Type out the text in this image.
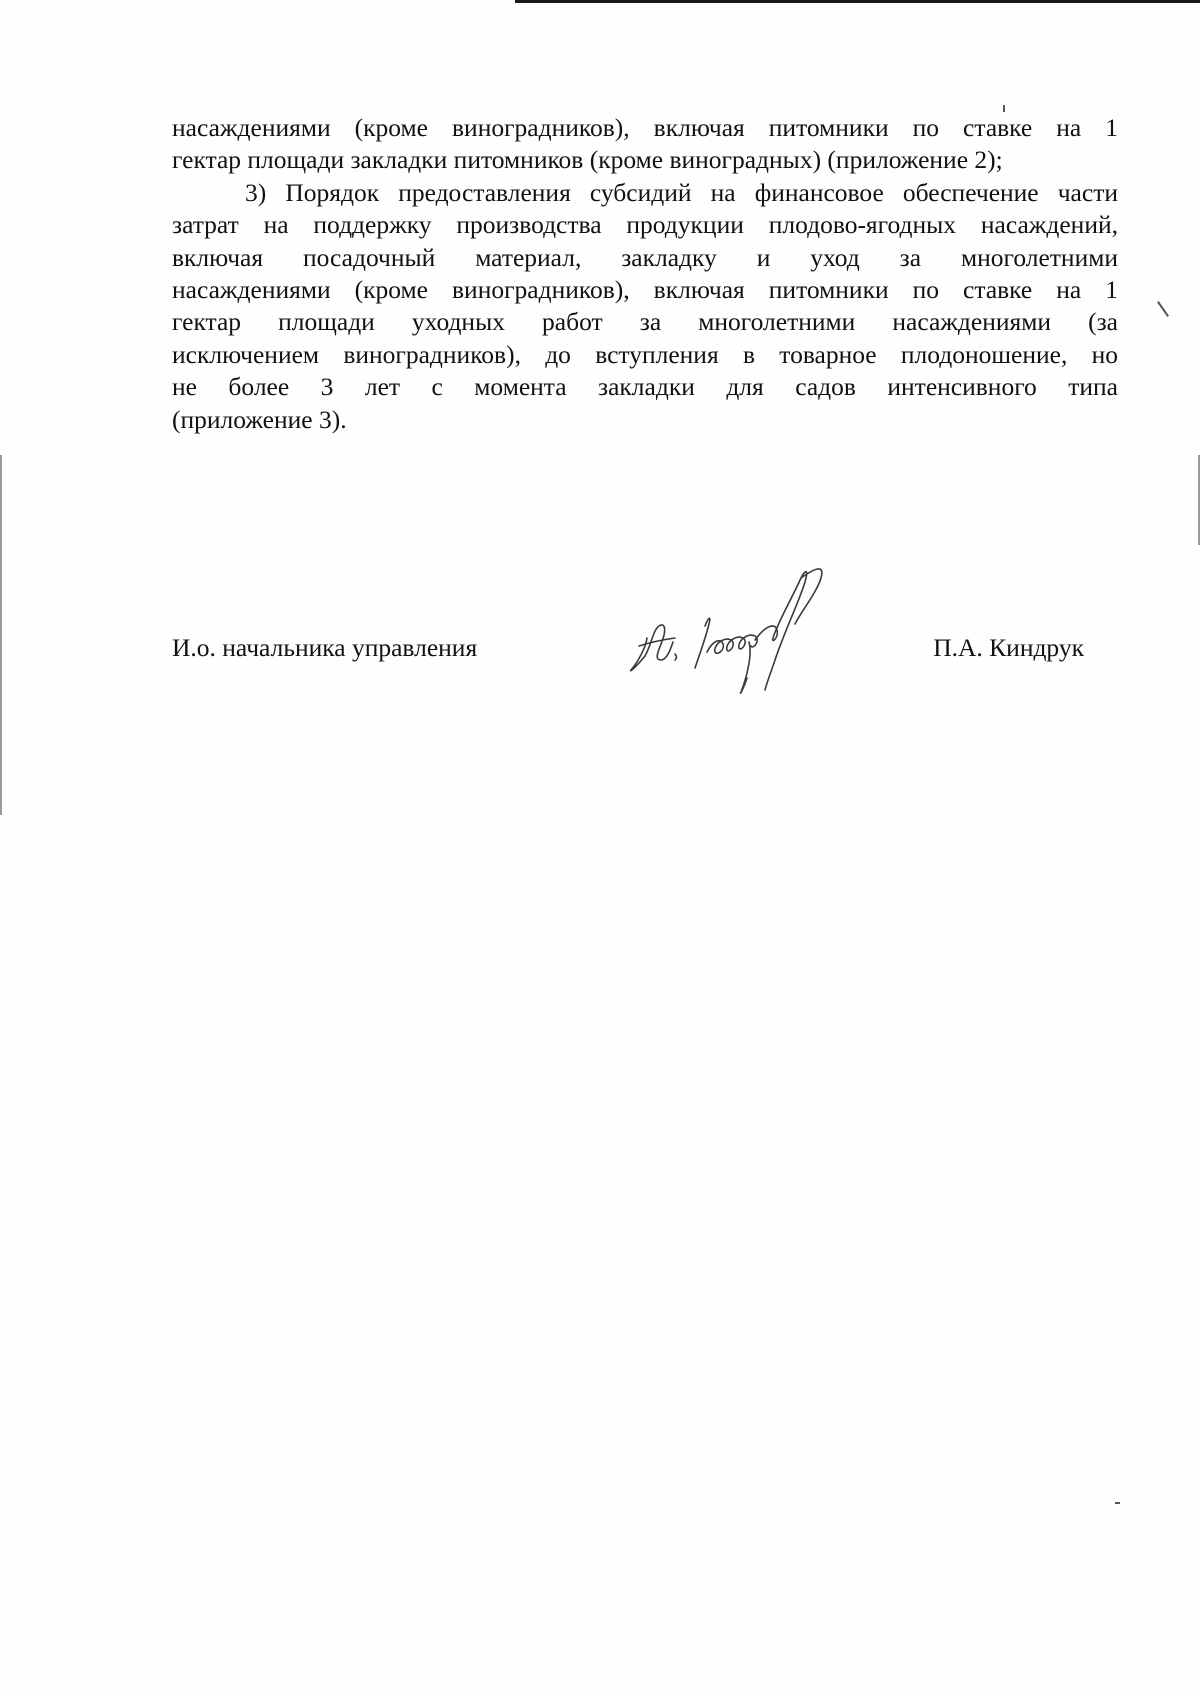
насаждениями (кроме виноградников), включая питомники по ставке на 1
гектар площади закладки питомников (кроме виноградных) (приложение 2);
3) Порядок предоставления субсидий на финансовое обеспечение части
затрат на поддержку производства продукции плодово-ягодных насаждений,
включая посадочный материал, закладку и уход за многолетними
насаждениями (кроме виноградников), включая питомники по ставке на 1
гектар площади уходных работ за многолетними насаждениями (за
исключением виноградников), до вступления в товарное плодоношение, но
не более 3 лет с момента закладки для садов интенсивного типа
(приложение 3).
И.о. начальника управления	П.А. Киндрук
